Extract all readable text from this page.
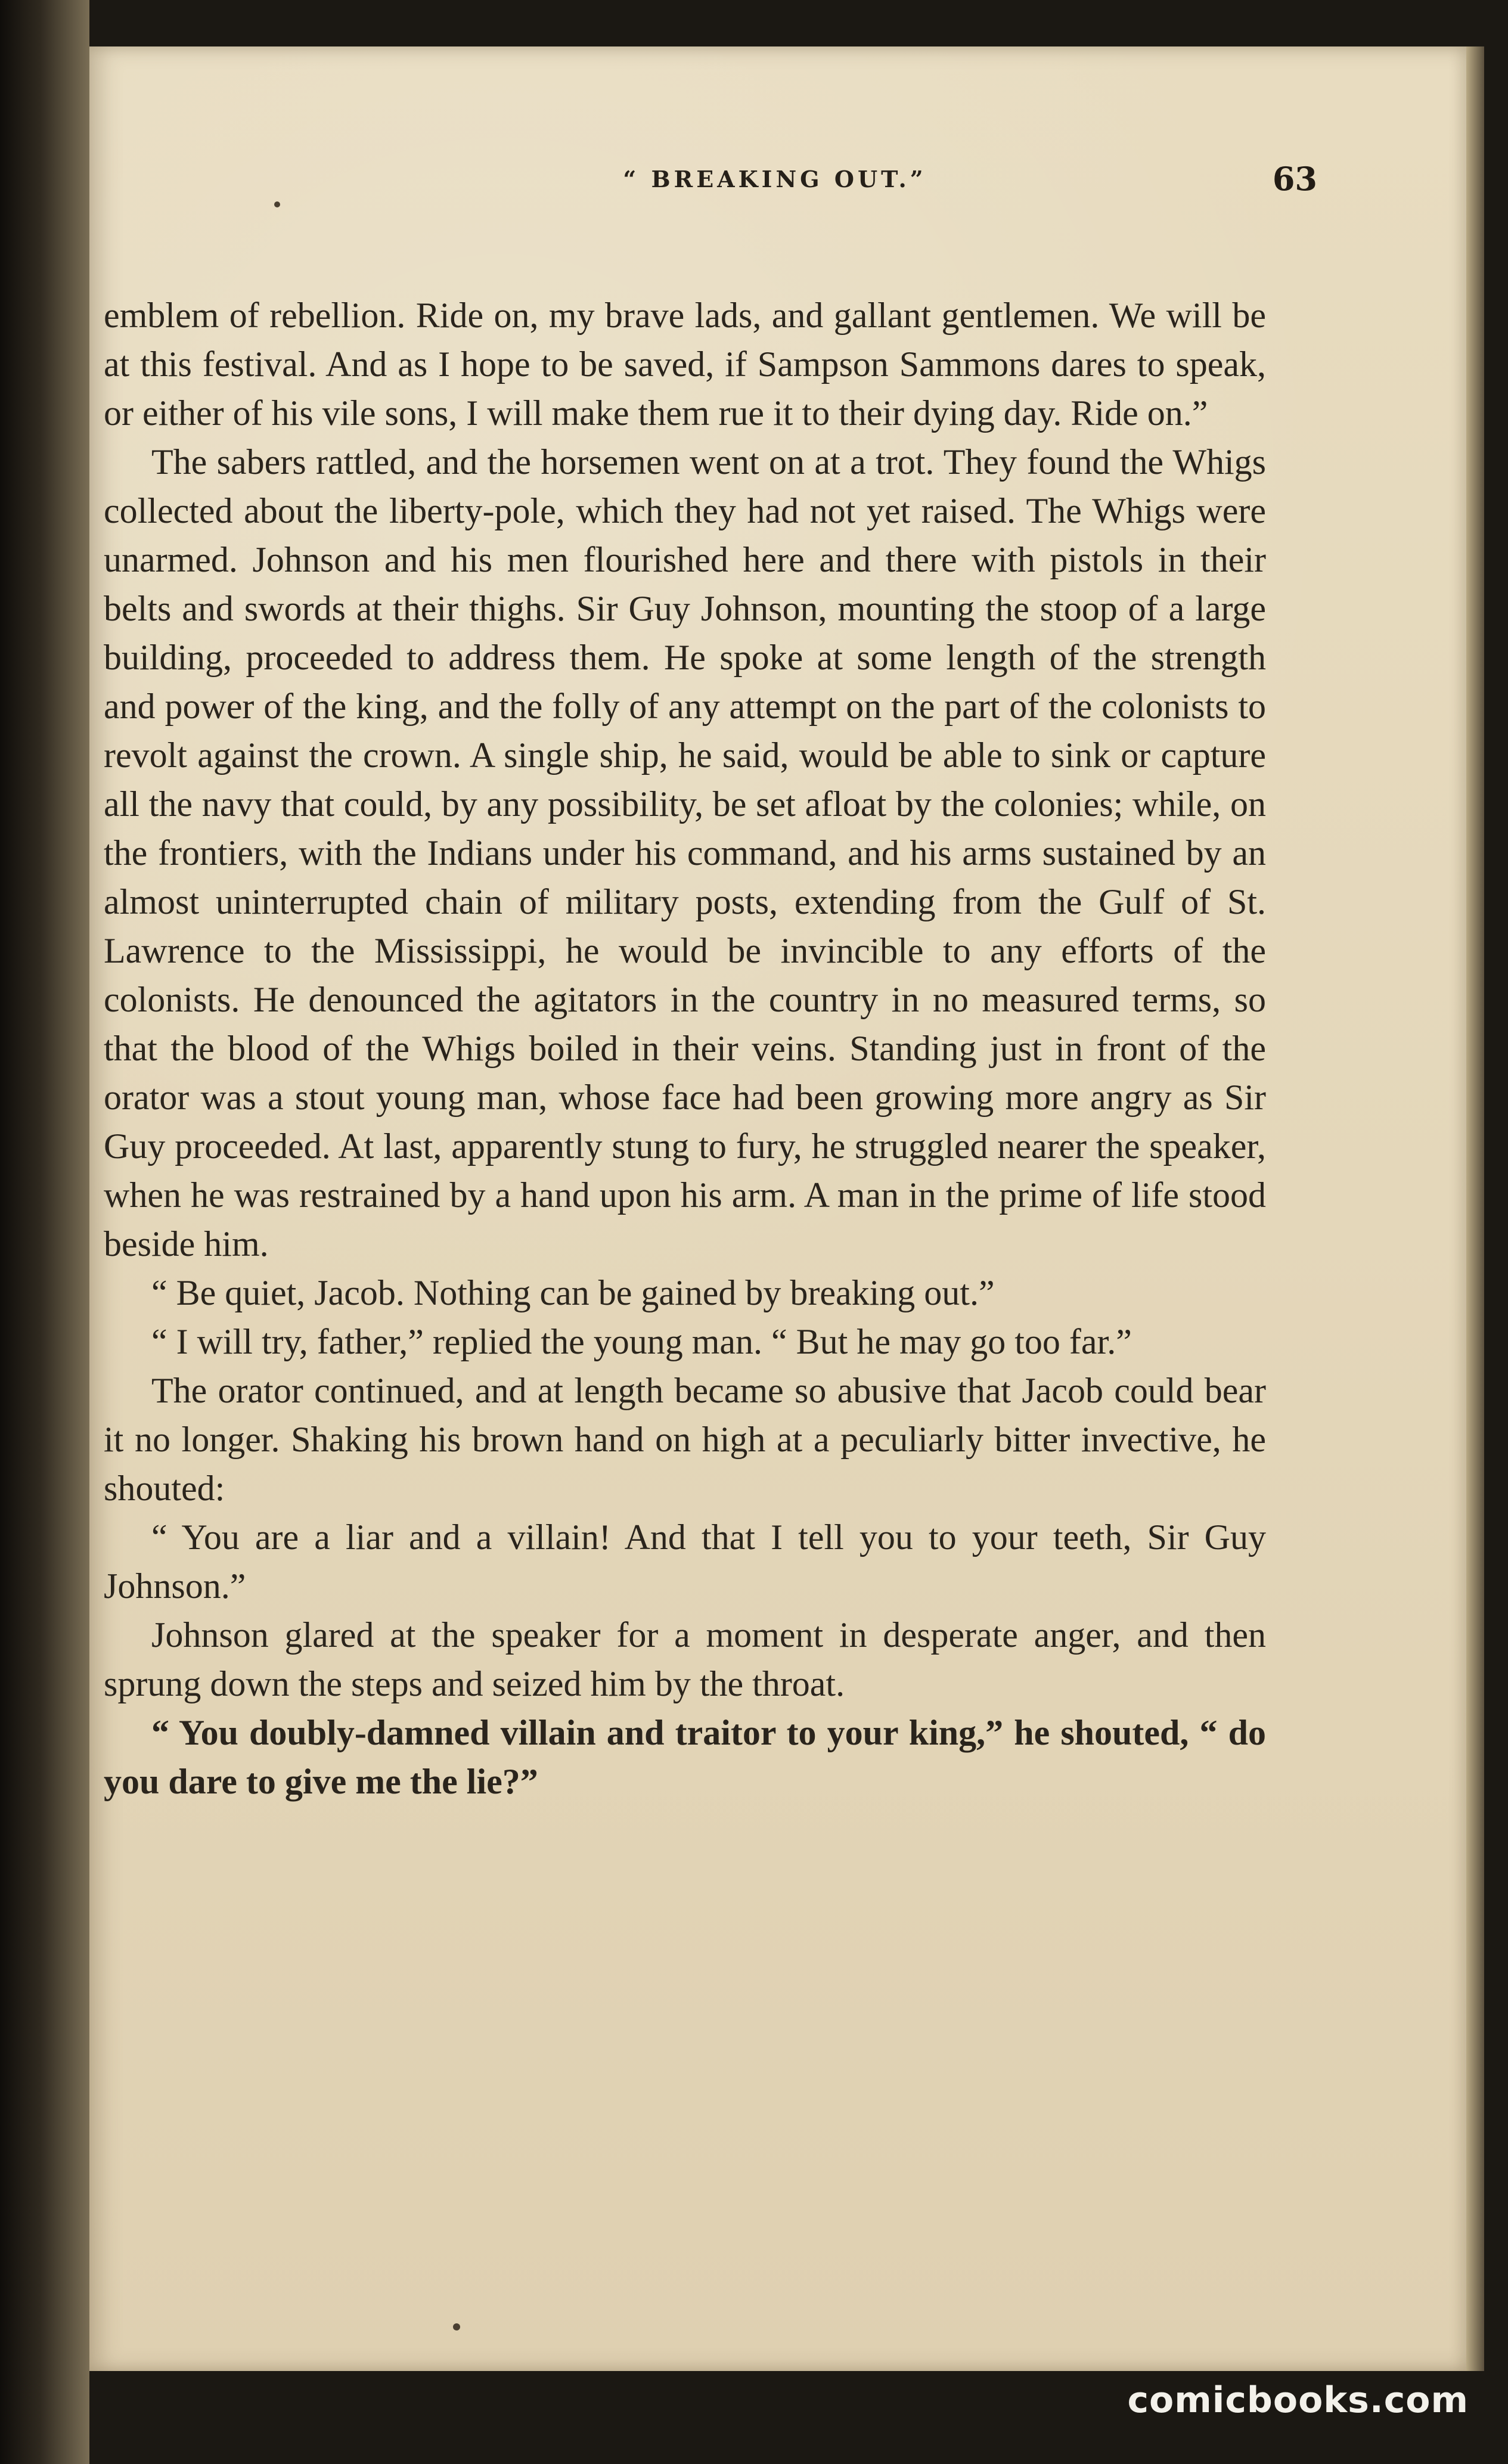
“ BREAKING OUT.”	63

emblem of rebellion. Ride on, my brave lads, and gallant gentlemen. We will be at this festival. And as I hope to be saved, if Sampson Sammons dares to speak, or either of his vile sons, I will make them rue it to their dying day. Ride on.”

The sabers rattled, and the horsemen went on at a trot. They found the Whigs collected about the liberty-pole, which they had not yet raised. The Whigs were unarmed. Johnson and his men flourished here and there with pistols in their belts and swords at their thighs. Sir Guy Johnson, mounting the stoop of a large building, proceeded to address them. He spoke at some length of the strength and power of the king, and the folly of any attempt on the part of the colonists to revolt against the crown. A single ship, he said, would be able to sink or capture all the navy that could, by any possibility, be set afloat by the colonies; while, on the frontiers, with the Indians under his command, and his arms sustained by an almost uninterrupted chain of military posts, extending from the Gulf of St. Lawrence to the Mississippi, he would be invincible to any efforts of the colonists. He denounced the agitators in the country in no measured terms, so that the blood of the Whigs boiled in their veins. Standing just in front of the orator was a stout young man, whose face had been growing more angry as Sir Guy proceeded. At last, apparently stung to fury, he struggled nearer the speaker, when he was restrained by a hand upon his arm. A man in the prime of life stood beside him.

“ Be quiet, Jacob. Nothing can be gained by breaking out.”

“ I will try, father,” replied the young man. “ But he may go too far.”

The orator continued, and at length became so abusive that Jacob could bear it no longer. Shaking his brown hand on high at a peculiarly bitter invective, he shouted:

“ You are a liar and a villain! And that I tell you to your teeth, Sir Guy Johnson.”

Johnson glared at the speaker for a moment in desperate anger, and then sprung down the steps and seized him by the throat.

“ You doubly-damned villain and traitor to your king,” he shouted, “ do you dare to give me the lie?”

comicbooks.com
